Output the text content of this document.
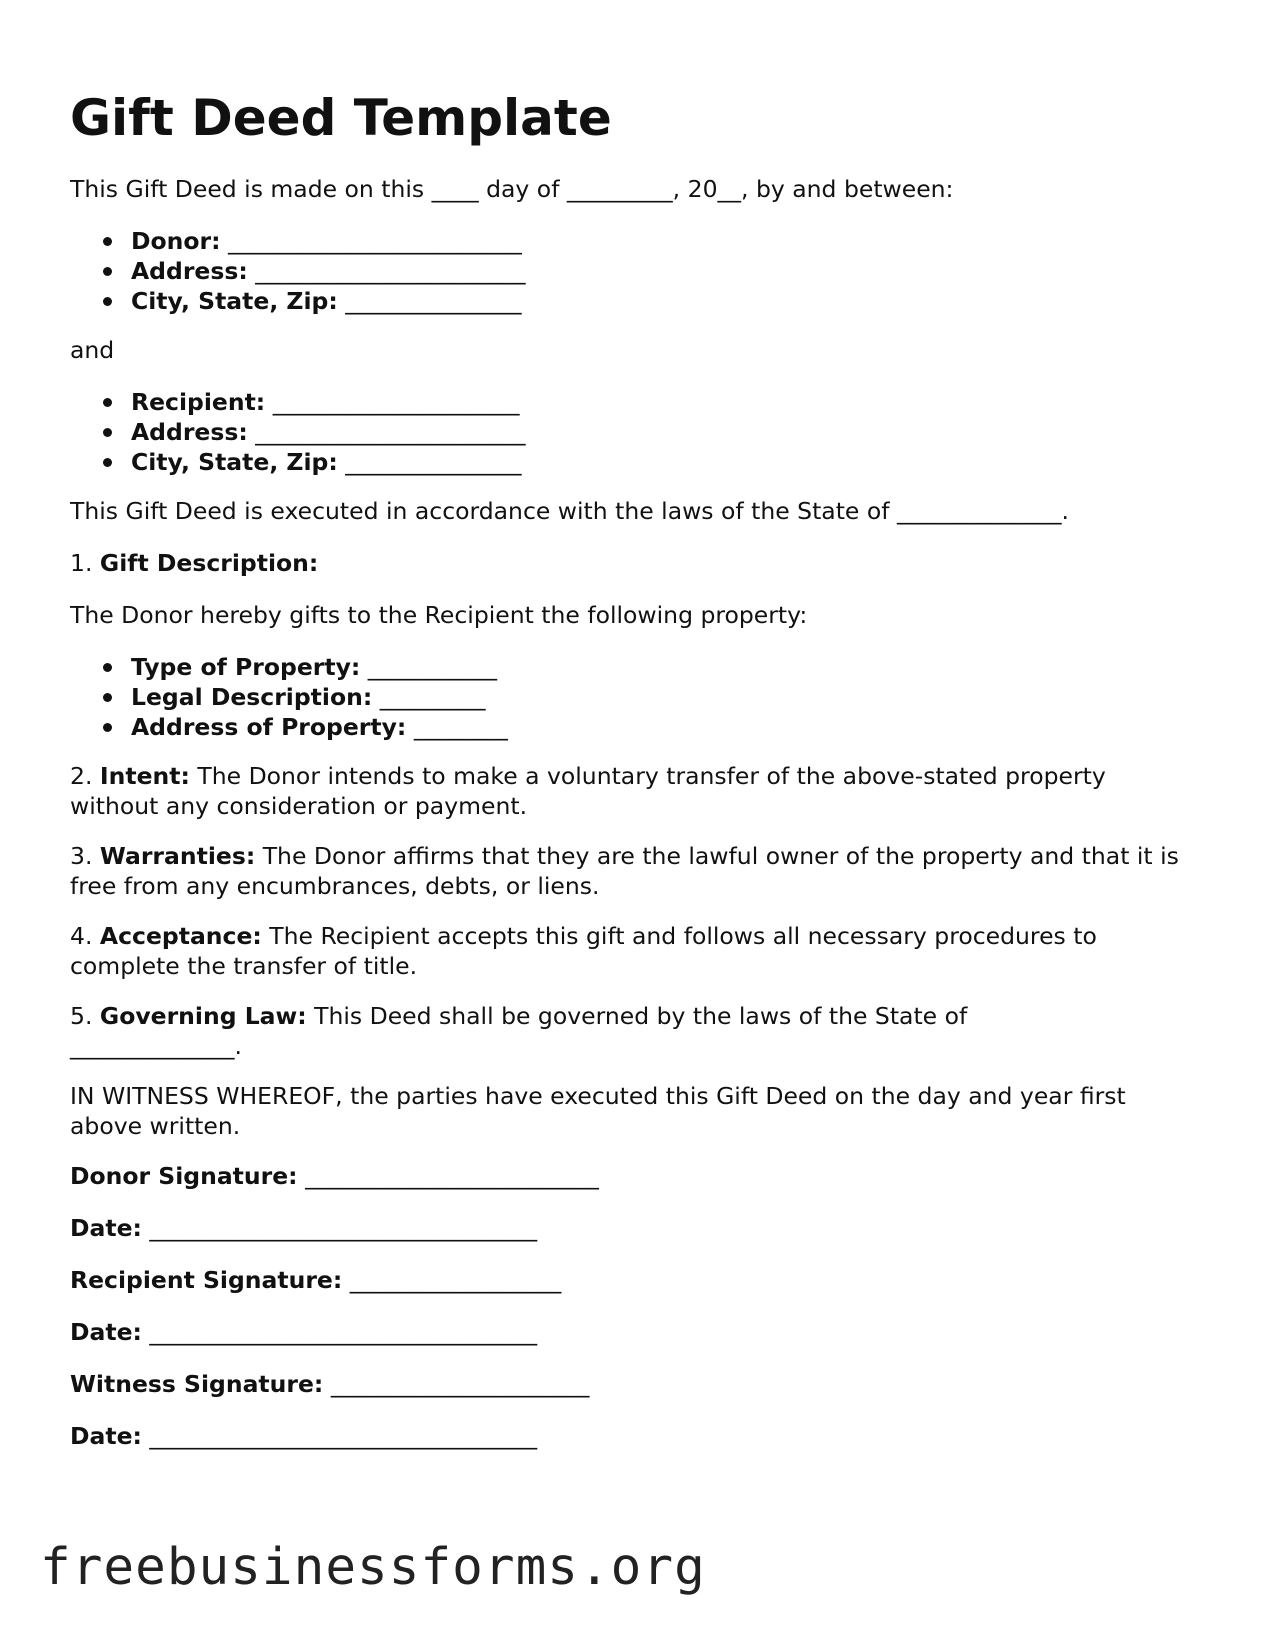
Gift Deed Template

This Gift Deed is made on this ____ day of _________, 20__, by and between:

Donor: _________________________
Address: _______________________
City, State, Zip: _______________

and

Recipient: _____________________
Address: _______________________
City, State, Zip: _______________

This Gift Deed is executed in accordance with the laws of the State of ______________.

1. Gift Description:

The Donor hereby gifts to the Recipient the following property:

Type of Property: ___________
Legal Description: _________
Address of Property: ________

2. Intent: The Donor intends to make a voluntary transfer of the above-stated property without any consideration or payment.

3. Warranties: The Donor affirms that they are the lawful owner of the property and that it is free from any encumbrances, debts, or liens.

4. Acceptance: The Recipient accepts this gift and follows all necessary procedures to complete the transfer of title.

5. Governing Law: This Deed shall be governed by the laws of the State of ______________.

IN WITNESS WHEREOF, the parties have executed this Gift Deed on the day and year first above written.

Donor Signature: _________________________

Date: _________________________________

Recipient Signature: __________________

Date: _________________________________

Witness Signature: ______________________

Date: _________________________________

freebusinessforms.org
